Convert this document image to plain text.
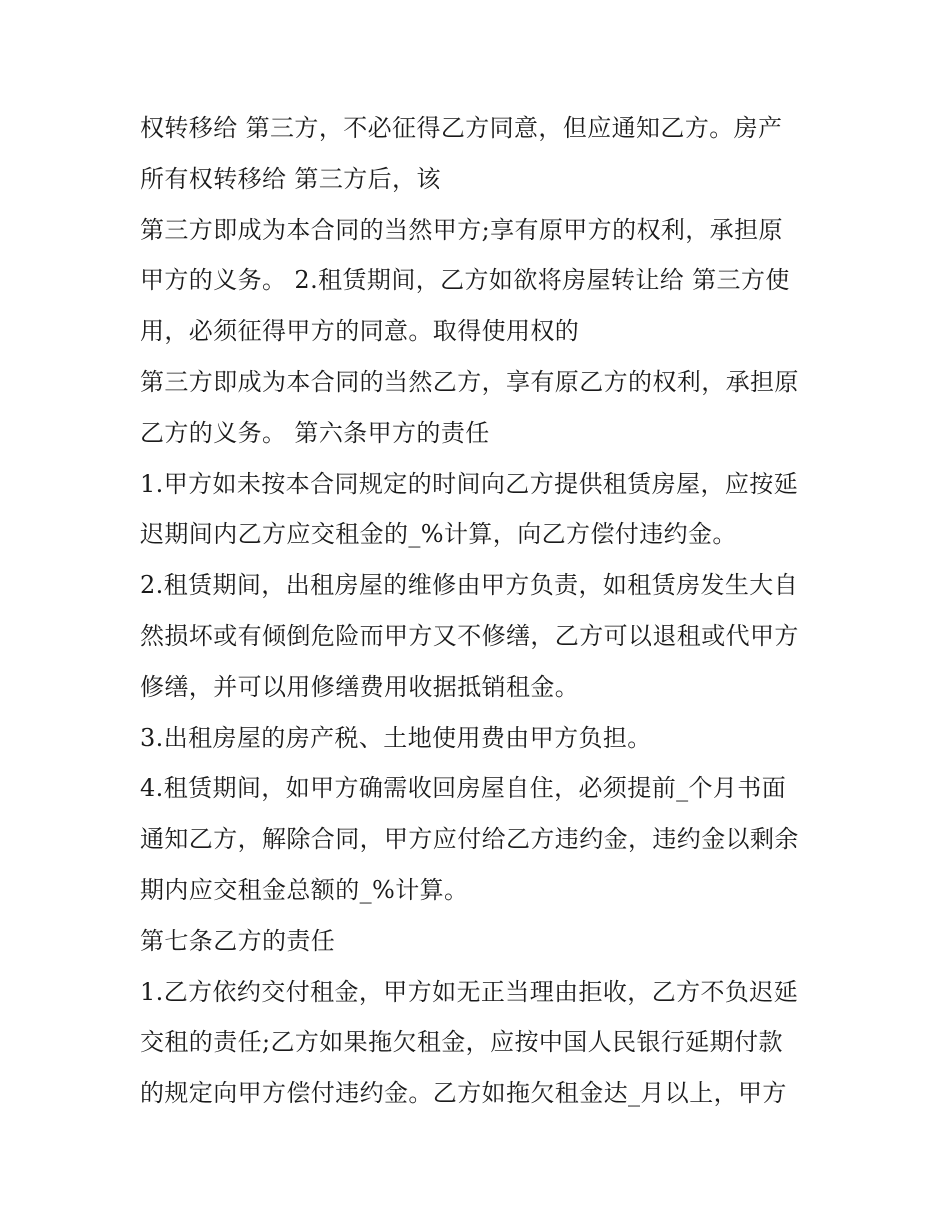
权转移给 第三方，不必征得乙方同意，但应通知乙方。房产
所有权转移给 第三方后，该
第三方即成为本合同的当然甲方;享有原甲方的权利，承担原
甲方的义务。 2.租赁期间，乙方如欲将房屋转让给 第三方使
用，必须征得甲方的同意。取得使用权的
第三方即成为本合同的当然乙方，享有原乙方的权利，承担原
乙方的义务。 第六条甲方的责任
1.甲方如未按本合同规定的时间向乙方提供租赁房屋，应按延
迟期间内乙方应交租金的_%计算，向乙方偿付违约金。
2.租赁期间，出租房屋的维修由甲方负责，如租赁房发生大自
然损坏或有倾倒危险而甲方又不修缮，乙方可以退租或代甲方
修缮，并可以用修缮费用收据抵销租金。
3.出租房屋的房产税、土地使用费由甲方负担。
4.租赁期间，如甲方确需收回房屋自住，必须提前_个月书面
通知乙方，解除合同，甲方应付给乙方违约金，违约金以剩余
期内应交租金总额的_%计算。
第七条乙方的责任
1.乙方依约交付租金，甲方如无正当理由拒收，乙方不负迟延
交租的责任;乙方如果拖欠租金，应按中国人民银行延期付款
的规定向甲方偿付违约金。乙方如拖欠租金达_月以上，甲方
